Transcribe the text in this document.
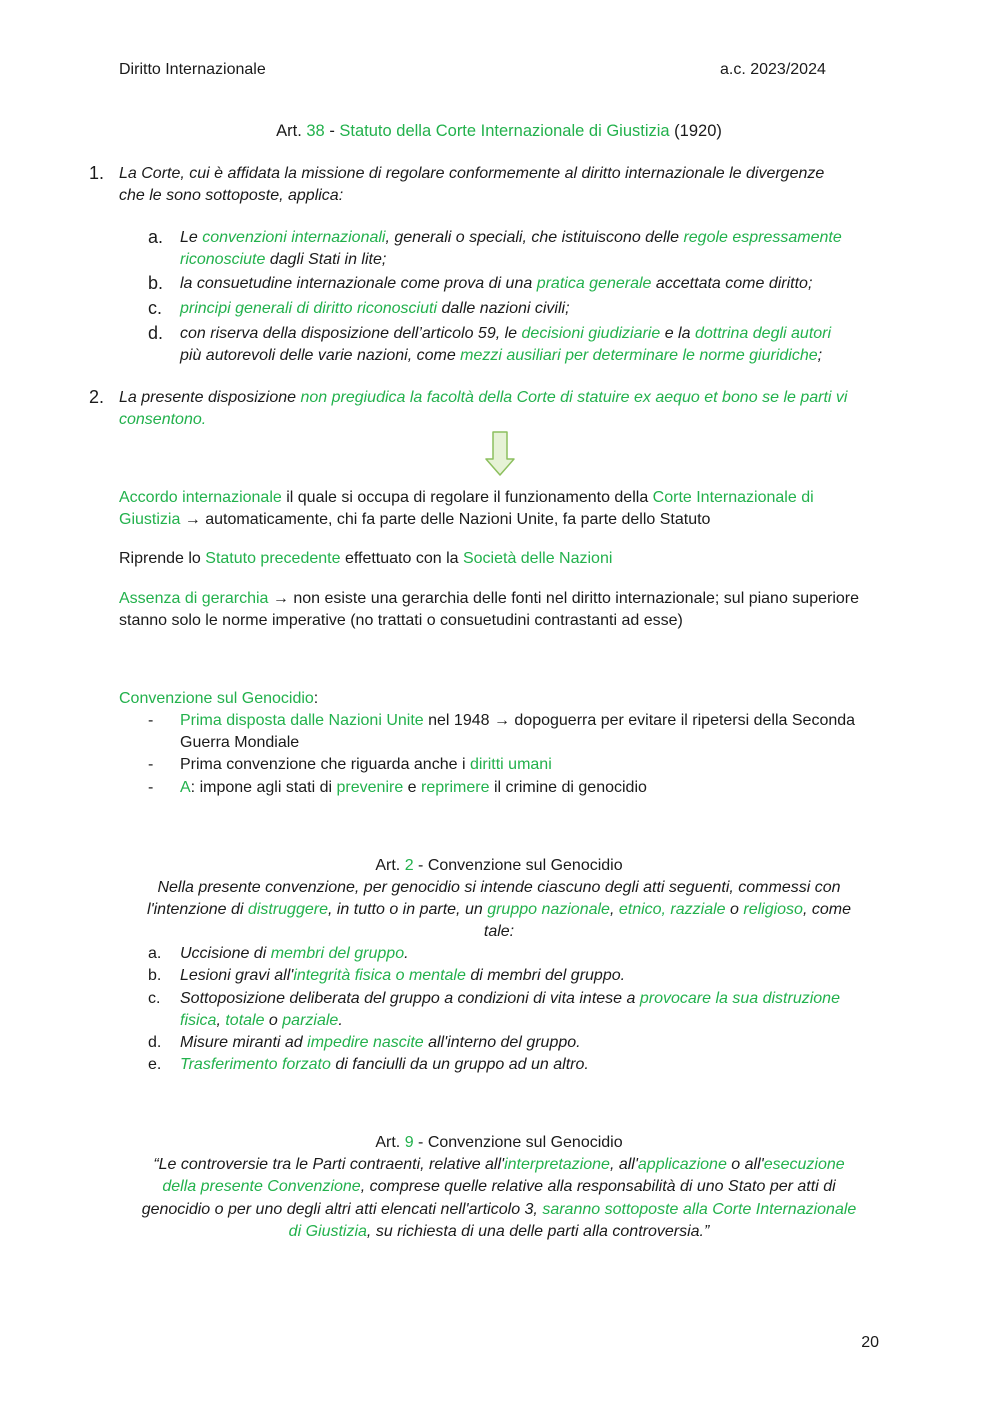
Diritto Internazionale	a.c. 2023/2024
Art. 38 - Statuto della Corte Internazionale di Giustizia (1920)
1. La Corte, cui è affidata la missione di regolare conformemente al diritto internazionale le divergenze
che le sono sottoposte, applica:
a. Le convenzioni internazionali, generali o speciali, che istituiscono delle regole espressamente
riconosciute dagli Stati in lite;
b. la consuetudine internazionale come prova di una pratica generale accettata come diritto;
c. principi generali di diritto riconosciuti dalle nazioni civili;
d. con riserva della disposizione dell’articolo 59, le decisioni giudiziarie e la dottrina degli autori
più autorevoli delle varie nazioni, come mezzi ausiliari per determinare le norme giuridiche;
2. La presente disposizione non pregiudica la facoltà della Corte di statuire ex aequo et bono se le parti vi
consentono.
Accordo internazionale il quale si occupa di regolare il funzionamento della Corte Internazionale di
Giustizia → automaticamente, chi fa parte delle Nazioni Unite, fa parte dello Statuto
Riprende lo Statuto precedente effettuato con la Società delle Nazioni
Assenza di gerarchia → non esiste una gerarchia delle fonti nel diritto internazionale; sul piano superiore
stanno solo le norme imperative (no trattati o consuetudini contrastanti ad esse)
Convenzione sul Genocidio:
- Prima disposta dalle Nazioni Unite nel 1948 → dopoguerra per evitare il ripetersi della Seconda
Guerra Mondiale
- Prima convenzione che riguarda anche i diritti umani
- A: impone agli stati di prevenire e reprimere il crimine di genocidio
Art. 2 - Convenzione sul Genocidio
Nella presente convenzione, per genocidio si intende ciascuno degli atti seguenti, commessi con
l'intenzione di distruggere, in tutto o in parte, un gruppo nazionale, etnico, razziale o religioso, come
tale:
a. Uccisione di membri del gruppo.
b. Lesioni gravi all'integrità fisica o mentale di membri del gruppo.
c. Sottoposizione deliberata del gruppo a condizioni di vita intese a provocare la sua distruzione
fisica, totale o parziale.
d. Misure miranti ad impedire nascite all'interno del gruppo.
e. Trasferimento forzato di fanciulli da un gruppo ad un altro.
Art. 9 - Convenzione sul Genocidio
“Le controversie tra le Parti contraenti, relative all'interpretazione, all'applicazione o all'esecuzione
della presente Convenzione, comprese quelle relative alla responsabilità di uno Stato per atti di
genocidio o per uno degli altri atti elencati nell'articolo 3, saranno sottoposte alla Corte Internazionale
di Giustizia, su richiesta di una delle parti alla controversia.”
20
